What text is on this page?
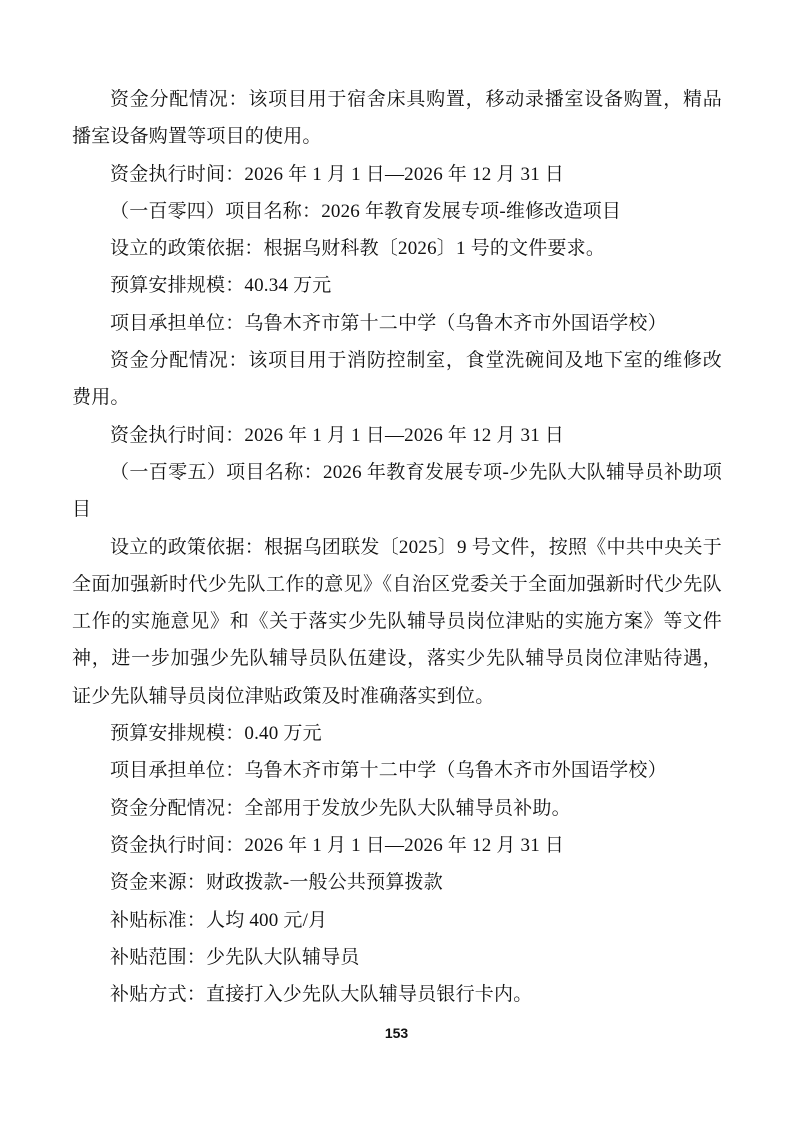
资金分配情况：该项目用于宿舍床具购置，移动录播室设备购置，精品
播室设备购置等项目的使用。
资金执行时间：2026 年 1 月 1 日—2026 年 12 月 31 日
（一百零四）项目名称：2026 年教育发展专项-维修改造项目
设立的政策依据：根据乌财科教〔2026〕1 号的文件要求。
预算安排规模：40.34 万元
项目承担单位：乌鲁木齐市第十二中学（乌鲁木齐市外国语学校）
资金分配情况：该项目用于消防控制室，食堂洗碗间及地下室的维修改
费用。
资金执行时间：2026 年 1 月 1 日—2026 年 12 月 31 日
（一百零五）项目名称：2026 年教育发展专项-少先队大队辅导员补助项
目
设立的政策依据：根据乌团联发〔2025〕9 号文件，按照《中共中央关于
全面加强新时代少先队工作的意见》《自治区党委关于全面加强新时代少先队
工作的实施意见》和《关于落实少先队辅导员岗位津贴的实施方案》等文件
神，进一步加强少先队辅导员队伍建设，落实少先队辅导员岗位津贴待遇，
证少先队辅导员岗位津贴政策及时准确落实到位。
预算安排规模：0.40 万元
项目承担单位：乌鲁木齐市第十二中学（乌鲁木齐市外国语学校）
资金分配情况：全部用于发放少先队大队辅导员补助。
资金执行时间：2026 年 1 月 1 日—2026 年 12 月 31 日
资金来源：财政拨款-一般公共预算拨款
补贴标准：人均 400 元/月
补贴范围：少先队大队辅导员
补贴方式：直接打入少先队大队辅导员银行卡内。
153
